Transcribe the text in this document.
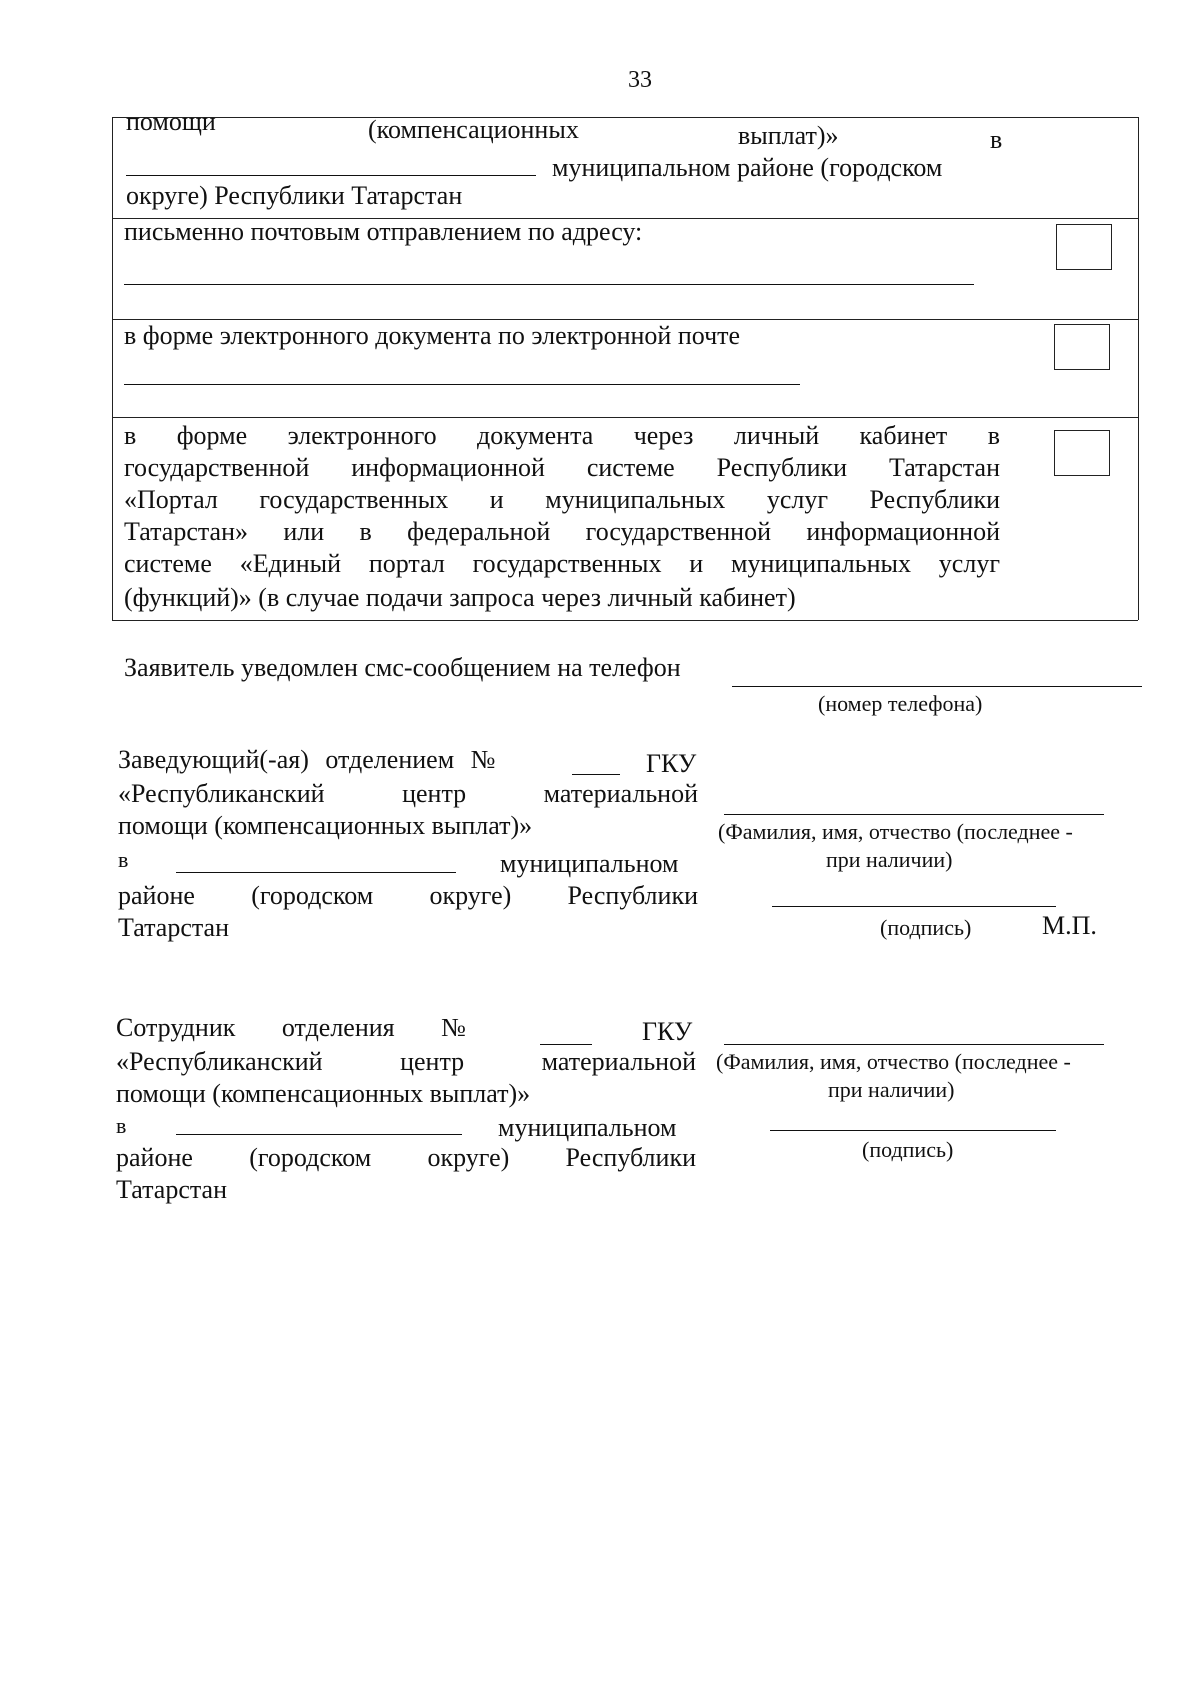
33
помощи	(компенсационных	выплат)»	в
муниципальном районе (городском
округе) Республики Татарстан
письменно почтовым отправлением по адресу:
в форме электронного документа по электронной почте
в форме электронного документа через личный кабинет в
государственной информационной системе Республики Татарстан
«Портал государственных и муниципальных услуг Республики
Татарстан» или в федеральной государственной информационной
системе «Единый портал государственных и муниципальных услуг
(функций)» (в случае подачи запроса через личный кабинет)
Заявитель уведомлен смс-сообщением на телефон
(номер телефона)
Заведующий(-ая) отделением №	ГКУ
«Республиканский центр материальной
помощи (компенсационных выплат)»
в	муниципальном
районе (городском округе) Республики
Татарстан
(Фамилия, имя, отчество (последнее -
при наличии)
(подпись)	М.П.
Сотрудник отделения №	ГКУ
«Республиканский центр материальной
помощи (компенсационных выплат)»
в	муниципальном
районе (городском округе) Республики
Татарстан
(Фамилия, имя, отчество (последнее -
при наличии)
(подпись)
